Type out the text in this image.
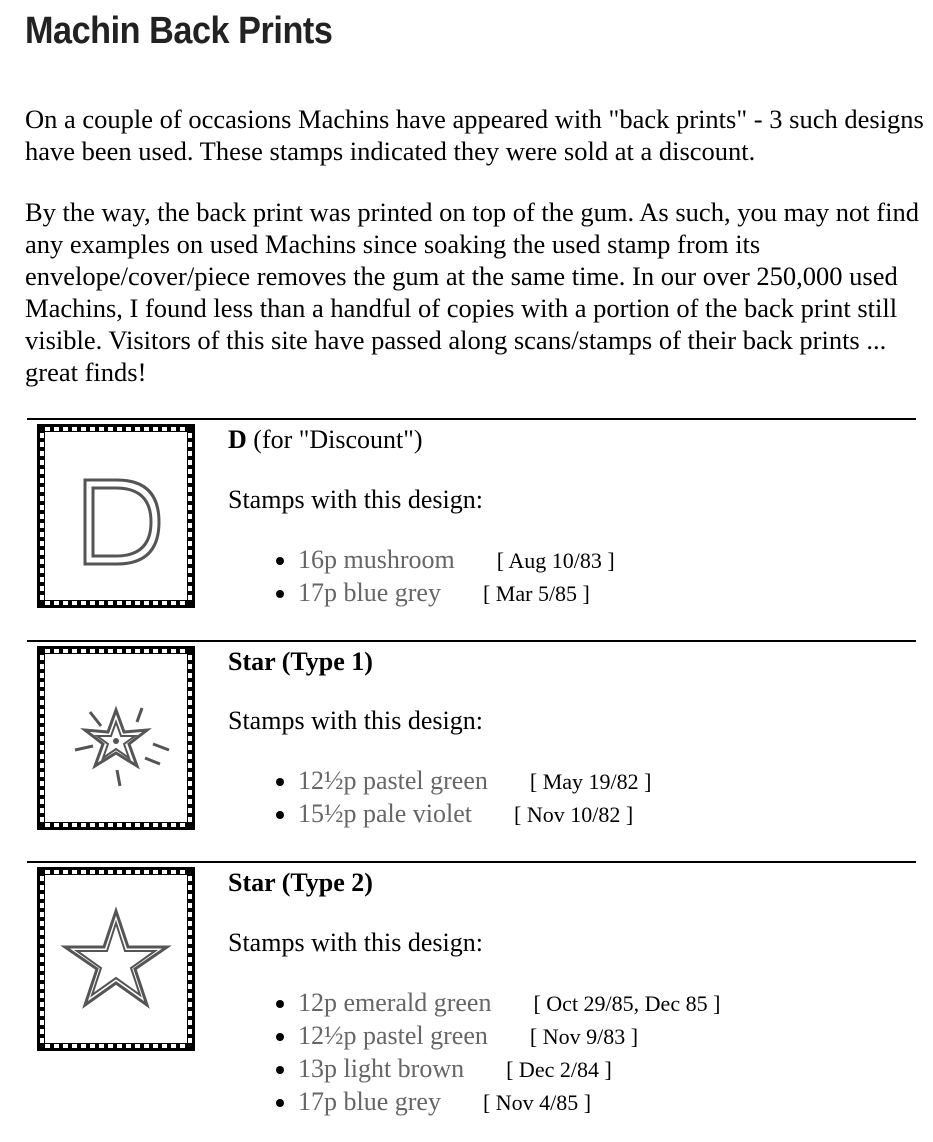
Machin Back Prints

On a couple of occasions Machins have appeared with "back prints" - 3 such designs have been used. These stamps indicated they were sold at a discount.

By the way, the back print was printed on top of the gum. As such, you may not find any examples on used Machins since soaking the used stamp from its envelope/cover/piece removes the gum at the same time. In our over 250,000 used Machins, I found less than a handful of copies with a portion of the back print still visible. Visitors of this site have passed along scans/stamps of their back prints ... great finds!

D (for "Discount")

Stamps with this design:

• 16p mushroom [ Aug 10/83 ]
• 17p blue grey [ Mar 5/85 ]

Star (Type 1)

Stamps with this design:

• 12½p pastel green [ May 19/82 ]
• 15½p pale violet [ Nov 10/82 ]

Star (Type 2)

Stamps with this design:

• 12p emerald green [ Oct 29/85, Dec 85 ]
• 12½p pastel green [ Nov 9/83 ]
• 13p light brown [ Dec 2/84 ]
• 17p blue grey [ Nov 4/85 ]
